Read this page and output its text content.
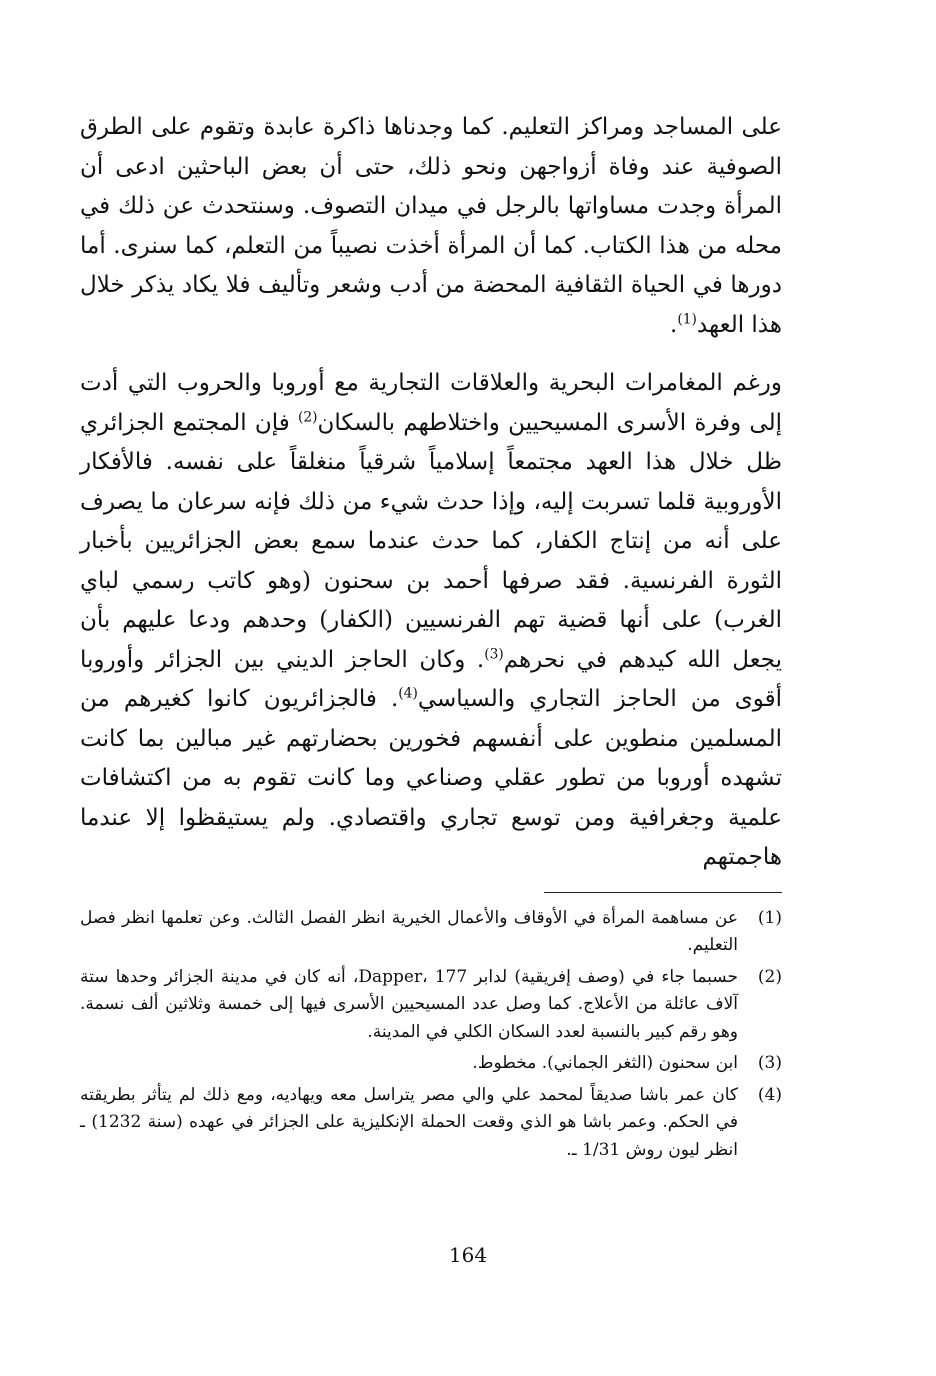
على المساجد ومراكز التعليم. كما وجدناها ذاكرة عابدة وتقوم على الطرق الصوفية عند وفاة أزواجهن ونحو ذلك، حتى أن بعض الباحثين ادعى أن المرأة وجدت مساواتها بالرجل في ميدان التصوف. وسنتحدث عن ذلك في محله من هذا الكتاب. كما أن المرأة أخذت نصيباً من التعلم، كما سنرى. أما دورها في الحياة الثقافية المحضة من أدب وشعر وتأليف فلا يكاد يذكر خلال هذا العهد$^{(1)}$.

ورغم المغامرات البحرية والعلاقات التجارية مع أوروبا والحروب التي أدت إلى وفرة الأسرى المسيحيين واختلاطهم بالسكان$^{(2)}$ فإن المجتمع الجزائري ظل خلال هذا العهد مجتمعاً إسلامياً شرقياً منغلقاً على نفسه. فالأفكار الأوروبية قلما تسربت إليه، وإذا حدث شيء من ذلك فإنه سرعان ما يصرف على أنه من إنتاج الكفار، كما حدث عندما سمع بعض الجزائريين بأخبار الثورة الفرنسية. فقد صرفها أحمد بن سحنون (وهو كاتب رسمي لباي الغرب) على أنها قضية تهم الفرنسيين (الكفار) وحدهم ودعا عليهم بأن يجعل الله كيدهم في نحرهم$^{(3)}$. وكان الحاجز الديني بين الجزائر وأوروبا أقوى من الحاجز التجاري والسياسي$^{(4)}$. فالجزائريون كانوا كغيرهم من المسلمين منطوين على أنفسهم فخورين بحضارتهم غير مبالين بما كانت تشهده أوروبا من تطور عقلي وصناعي وما كانت تقوم به من اكتشافات علمية وجغرافية ومن توسع تجاري واقتصادي. ولم يستيقظوا إلا عندما هاجمتهم

(1)
عن مساهمة المرأة في الأوقاف والأعمال الخيرية انظر الفصل الثالث. وعن تعلمها انظر فصل التعليم.
(2)
حسبما جاء في (وصف إفريقية) لدابر Dapper، 177، أنه كان في مدينة الجزائر وحدها ستة آلاف عائلة من الأعلاج. كما وصل عدد المسيحيين الأسرى فيها إلى خمسة وثلاثين ألف نسمة. وهو رقم كبير بالنسبة لعدد السكان الكلي في المدينة.
(3)
ابن سحنون (الثغر الجماني). مخطوط.
(4)
كان عمر باشا صديقاً لمحمد علي والي مصر يتراسل معه ويهاديه، ومع ذلك لم يتأثر بطريقته في الحكم. وعمر باشا هو الذي وقعت الحملة الإنكليزية على الجزائر في عهده (سنة 1232) ـ انظر ليون روش 1/31 ـ.
164
